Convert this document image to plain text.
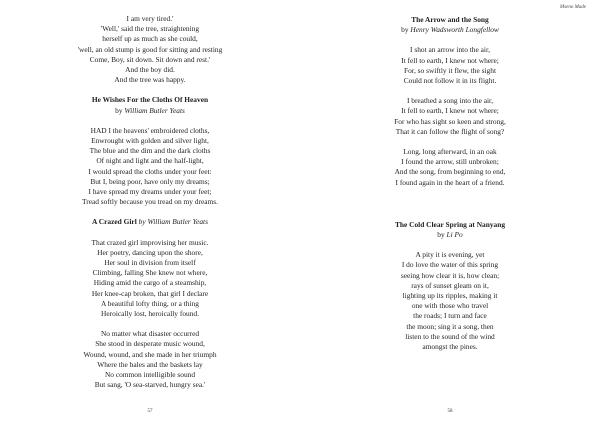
I am very tired.'

'Well,' said the tree, straightening

herself up as much as she could,

'well, an old stump is good for sitting and resting

Come, Boy, sit down. Sit down and rest.'

And the boy did.

And the tree was happy.

He Wishes For the Cloths Of Heaven

by William Butler Yeats

HAD I the heavens' embroidered cloths,

Enwrought with golden and silver light,

The blue and the dim and the dark cloths

Of night and light and the half-light,

I would spread the cloths under your feet:

But I, being poor, have only my dreams;

I have spread my dreams under your feet;

Tread softly because you tread on my dreams.

A Crazed Girl by William Butler Yeats

That crazed girl improvising her music.

Her poetry, dancing upon the shore,

Her soul in division from itself

Climbing, falling She knew not where,

Hiding amid the cargo of a steamship,

Her knee-cap broken, that girl I declare

A beautiful lofty thing, or a thing

Heroically lost, heroically found.

No matter what disaster occurred

She stood in desperate music wound,

Wound, wound, and she made in her triumph

Where the bales and the baskets lay

No common intelligible sound

But sang, 'O sea-starved, hungry sea.'

57
Mseno Made

The Arrow and the Song

by Henry Wadsworth Longfellow

I shot an arrow into the air,

It fell to earth, I knew not where;

For, so swiftly it flew, the sight

Could not follow it in its flight.

I breathed a song into the air,

It fell to earth, I knew not where;

For who has sight so keen and strong,

That it can follow the flight of song?

Long, long afterward, in an oak

I found the arrow, still unbroken;

And the song, from beginning to end,

I found again in the heart of a friend.

The Cold Clear Spring at Nanyang

by Li Po

A pity it is evening, yet

I do love the water of this spring

seeing how clear it is, how clean;

rays of sunset gleam on it,

lighting up its ripples, making it

one with those who travel

the roads; I turn and face

the moon; sing it a song, then

listen to the sound of the wind

amongst the pines.

58
